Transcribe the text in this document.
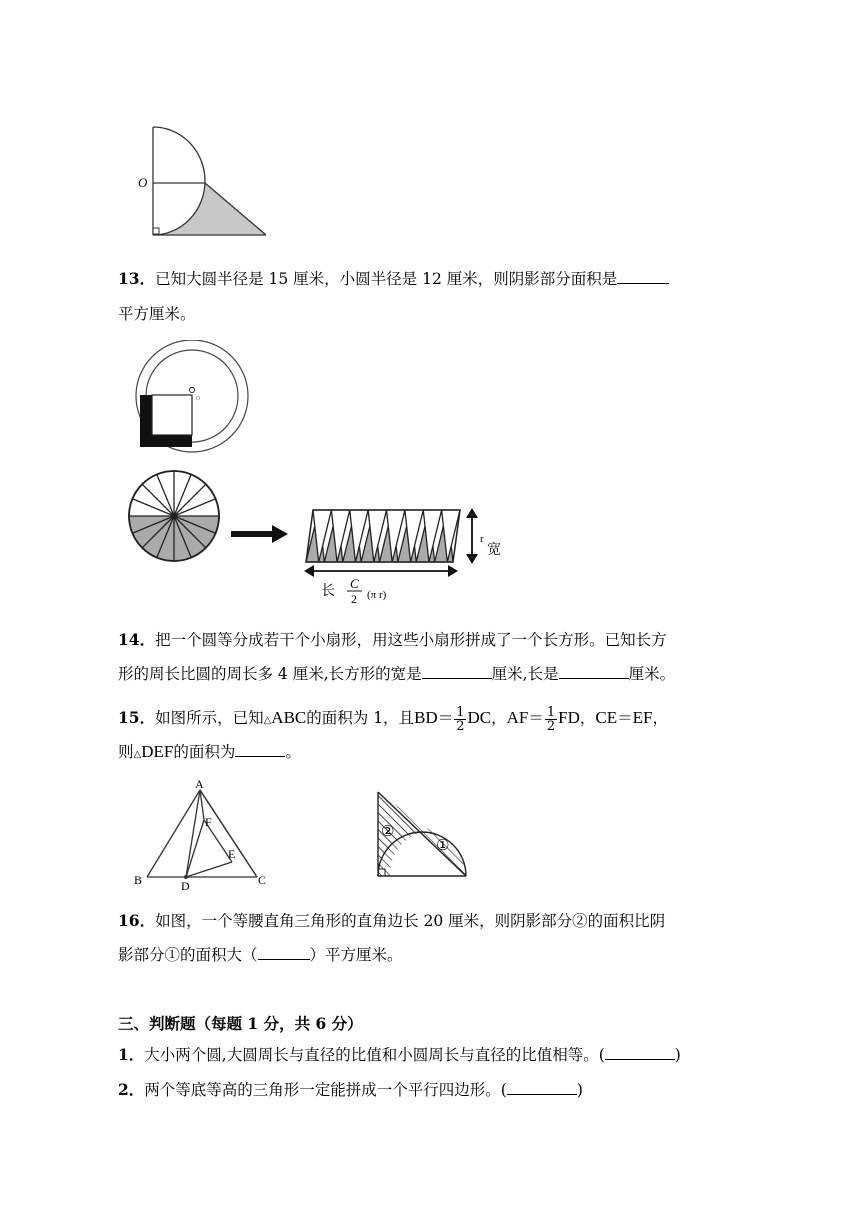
O
13．已知大圆半径是 15 厘米，小圆半径是 12 厘米，则阴影部分面积是
平方厘米。
O
r
宽
长 C
2 (π r)
14．把一个圆等分成若干个小扇形，用这些小扇形拼成了一个长方形。已知长方
形的周长比圆的周长多 4 厘米,长方形的宽是	厘米,长是	厘米。
15．如图所示，已知△ABC的面积为 1，且$BD= \frac{1}{2}$ DC，$AF= \frac{1}{2}$ FD，CE＝EF，
则△DEF的面积为	。
A
B	C
D
E
F	②
①
16．如图，一个等腰直角三角形的直角边长 20 厘米，则阴影部分②的面积比阴
影部分①的面积大（	）平方厘米。
三、判断题（每题 1 分，共 6 分）
1．大小两个圆,大圆周长与直径的比值和小圆周长与直径的比值相等。(	)
2．两个等底等高的三角形一定能拼成一个平行四边形。(	)
